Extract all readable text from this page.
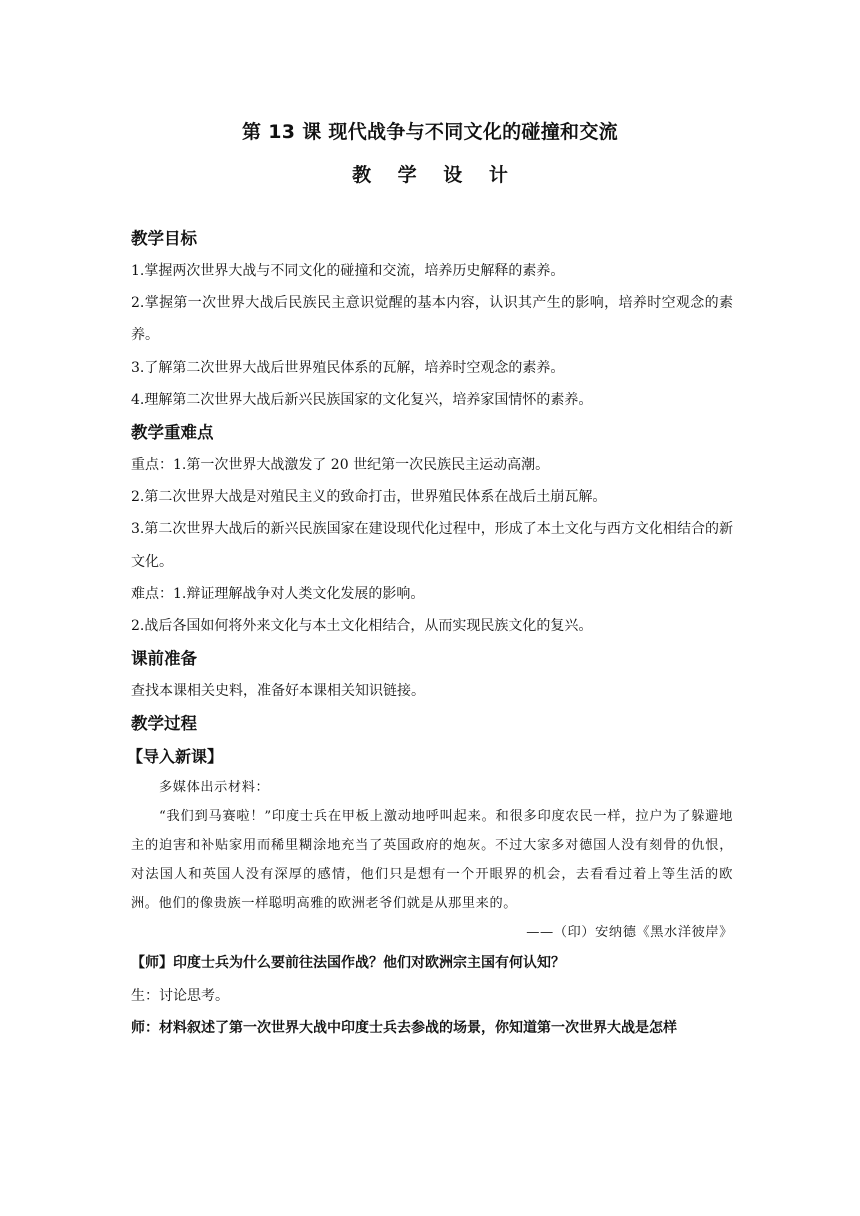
第 13 课 现代战争与不同文化的碰撞和交流
教 学 设 计

教学目标

1.掌握两次世界大战与不同文化的碰撞和交流，培养历史解释的素养。

2.掌握第一次世界大战后民族民主意识觉醒的基本内容，认识其产生的影响，培养时空观念的素养。

3.了解第二次世界大战后世界殖民体系的瓦解，培养时空观念的素养。

4.理解第二次世界大战后新兴民族国家的文化复兴，培养家国情怀的素养。

教学重难点

重点：1.第一次世界大战激发了 20 世纪第一次民族民主运动高潮。

2.第二次世界大战是对殖民主义的致命打击，世界殖民体系在战后土崩瓦解。

3.第二次世界大战后的新兴民族国家在建设现代化过程中，形成了本土文化与西方文化相结合的新文化。

难点：1.辩证理解战争对人类文化发展的影响。

2.战后各国如何将外来文化与本土文化相结合，从而实现民族文化的复兴。

课前准备

查找本课相关史料，准备好本课相关知识链接。

教学过程

【导入新课】

多媒体出示材料：

“我们到马赛啦！”印度士兵在甲板上激动地呼叫起来。和很多印度农民一样，拉户为了躲避地主的迫害和补贴家用而稀里糊涂地充当了英国政府的炮灰。不过大家多对德国人没有刻骨的仇恨，对法国人和英国人没有深厚的感情，他们只是想有一个开眼界的机会，去看看过着上等生活的欧洲。他们的像贵族一样聪明高雅的欧洲老爷们就是从那里来的。

——（印）安纳德《黑水洋彼岸》

【师】印度士兵为什么要前往法国作战？他们对欧洲宗主国有何认知？

生：讨论思考。

师：材料叙述了第一次世界大战中印度士兵去参战的场景，你知道第一次世界大战是怎样
